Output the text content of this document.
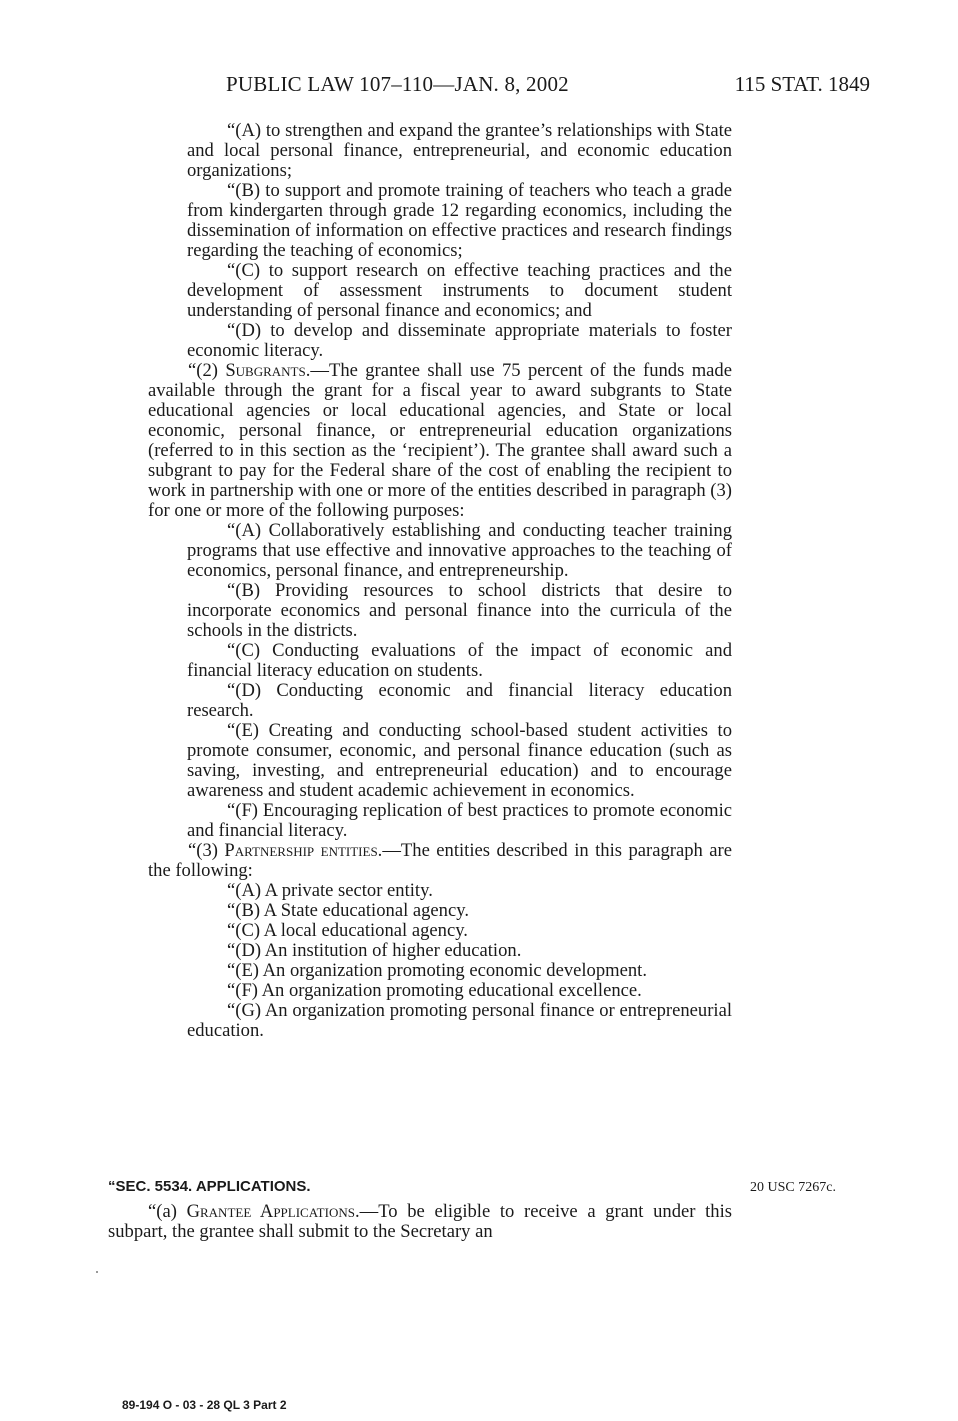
PUBLIC LAW 107–110—JAN. 8, 2002	115 STAT. 1849

“(A) to strengthen and expand the grantee’s relationships with State and local personal finance, entrepreneurial, and economic education organizations;

“(B) to support and promote training of teachers who teach a grade from kindergarten through grade 12 regarding economics, including the dissemination of information on effective practices and research findings regarding the teaching of economics;

“(C) to support research on effective teaching practices and the development of assessment instruments to document student understanding of personal finance and economics; and

“(D) to develop and disseminate appropriate materials to foster economic literacy.

“(2) Subgrants.—The grantee shall use 75 percent of the funds made available through the grant for a fiscal year to award subgrants to State educational agencies or local educational agencies, and State or local economic, personal finance, or entrepreneurial education organizations (referred to in this section as the ‘recipient’). The grantee shall award such a subgrant to pay for the Federal share of the cost of enabling the recipient to work in partnership with one or more of the entities described in paragraph (3) for one or more of the following purposes:

“(A) Collaboratively establishing and conducting teacher training programs that use effective and innovative approaches to the teaching of economics, personal finance, and entrepreneurship.

“(B) Providing resources to school districts that desire to incorporate economics and personal finance into the curricula of the schools in the districts.

“(C) Conducting evaluations of the impact of economic and financial literacy education on students.

“(D) Conducting economic and financial literacy education research.

“(E) Creating and conducting school-based student activities to promote consumer, economic, and personal finance education (such as saving, investing, and entrepreneurial education) and to encourage awareness and student academic achievement in economics.

“(F) Encouraging replication of best practices to promote economic and financial literacy.

“(3) Partnership entities.—The entities described in this paragraph are the following:

“(A) A private sector entity.

“(B) A State educational agency.

“(C) A local educational agency.

“(D) An institution of higher education.

“(E) An organization promoting economic development.

“(F) An organization promoting educational excellence.

“(G) An organization promoting personal finance or entrepreneurial education.

“SEC. 5534. APPLICATIONS.	20 USC 7267c.

“(a) Grantee Applications.—To be eligible to receive a grant under this subpart, the grantee shall submit to the Secretary an

89-194 O - 03 - 28 QL 3 Part 2
